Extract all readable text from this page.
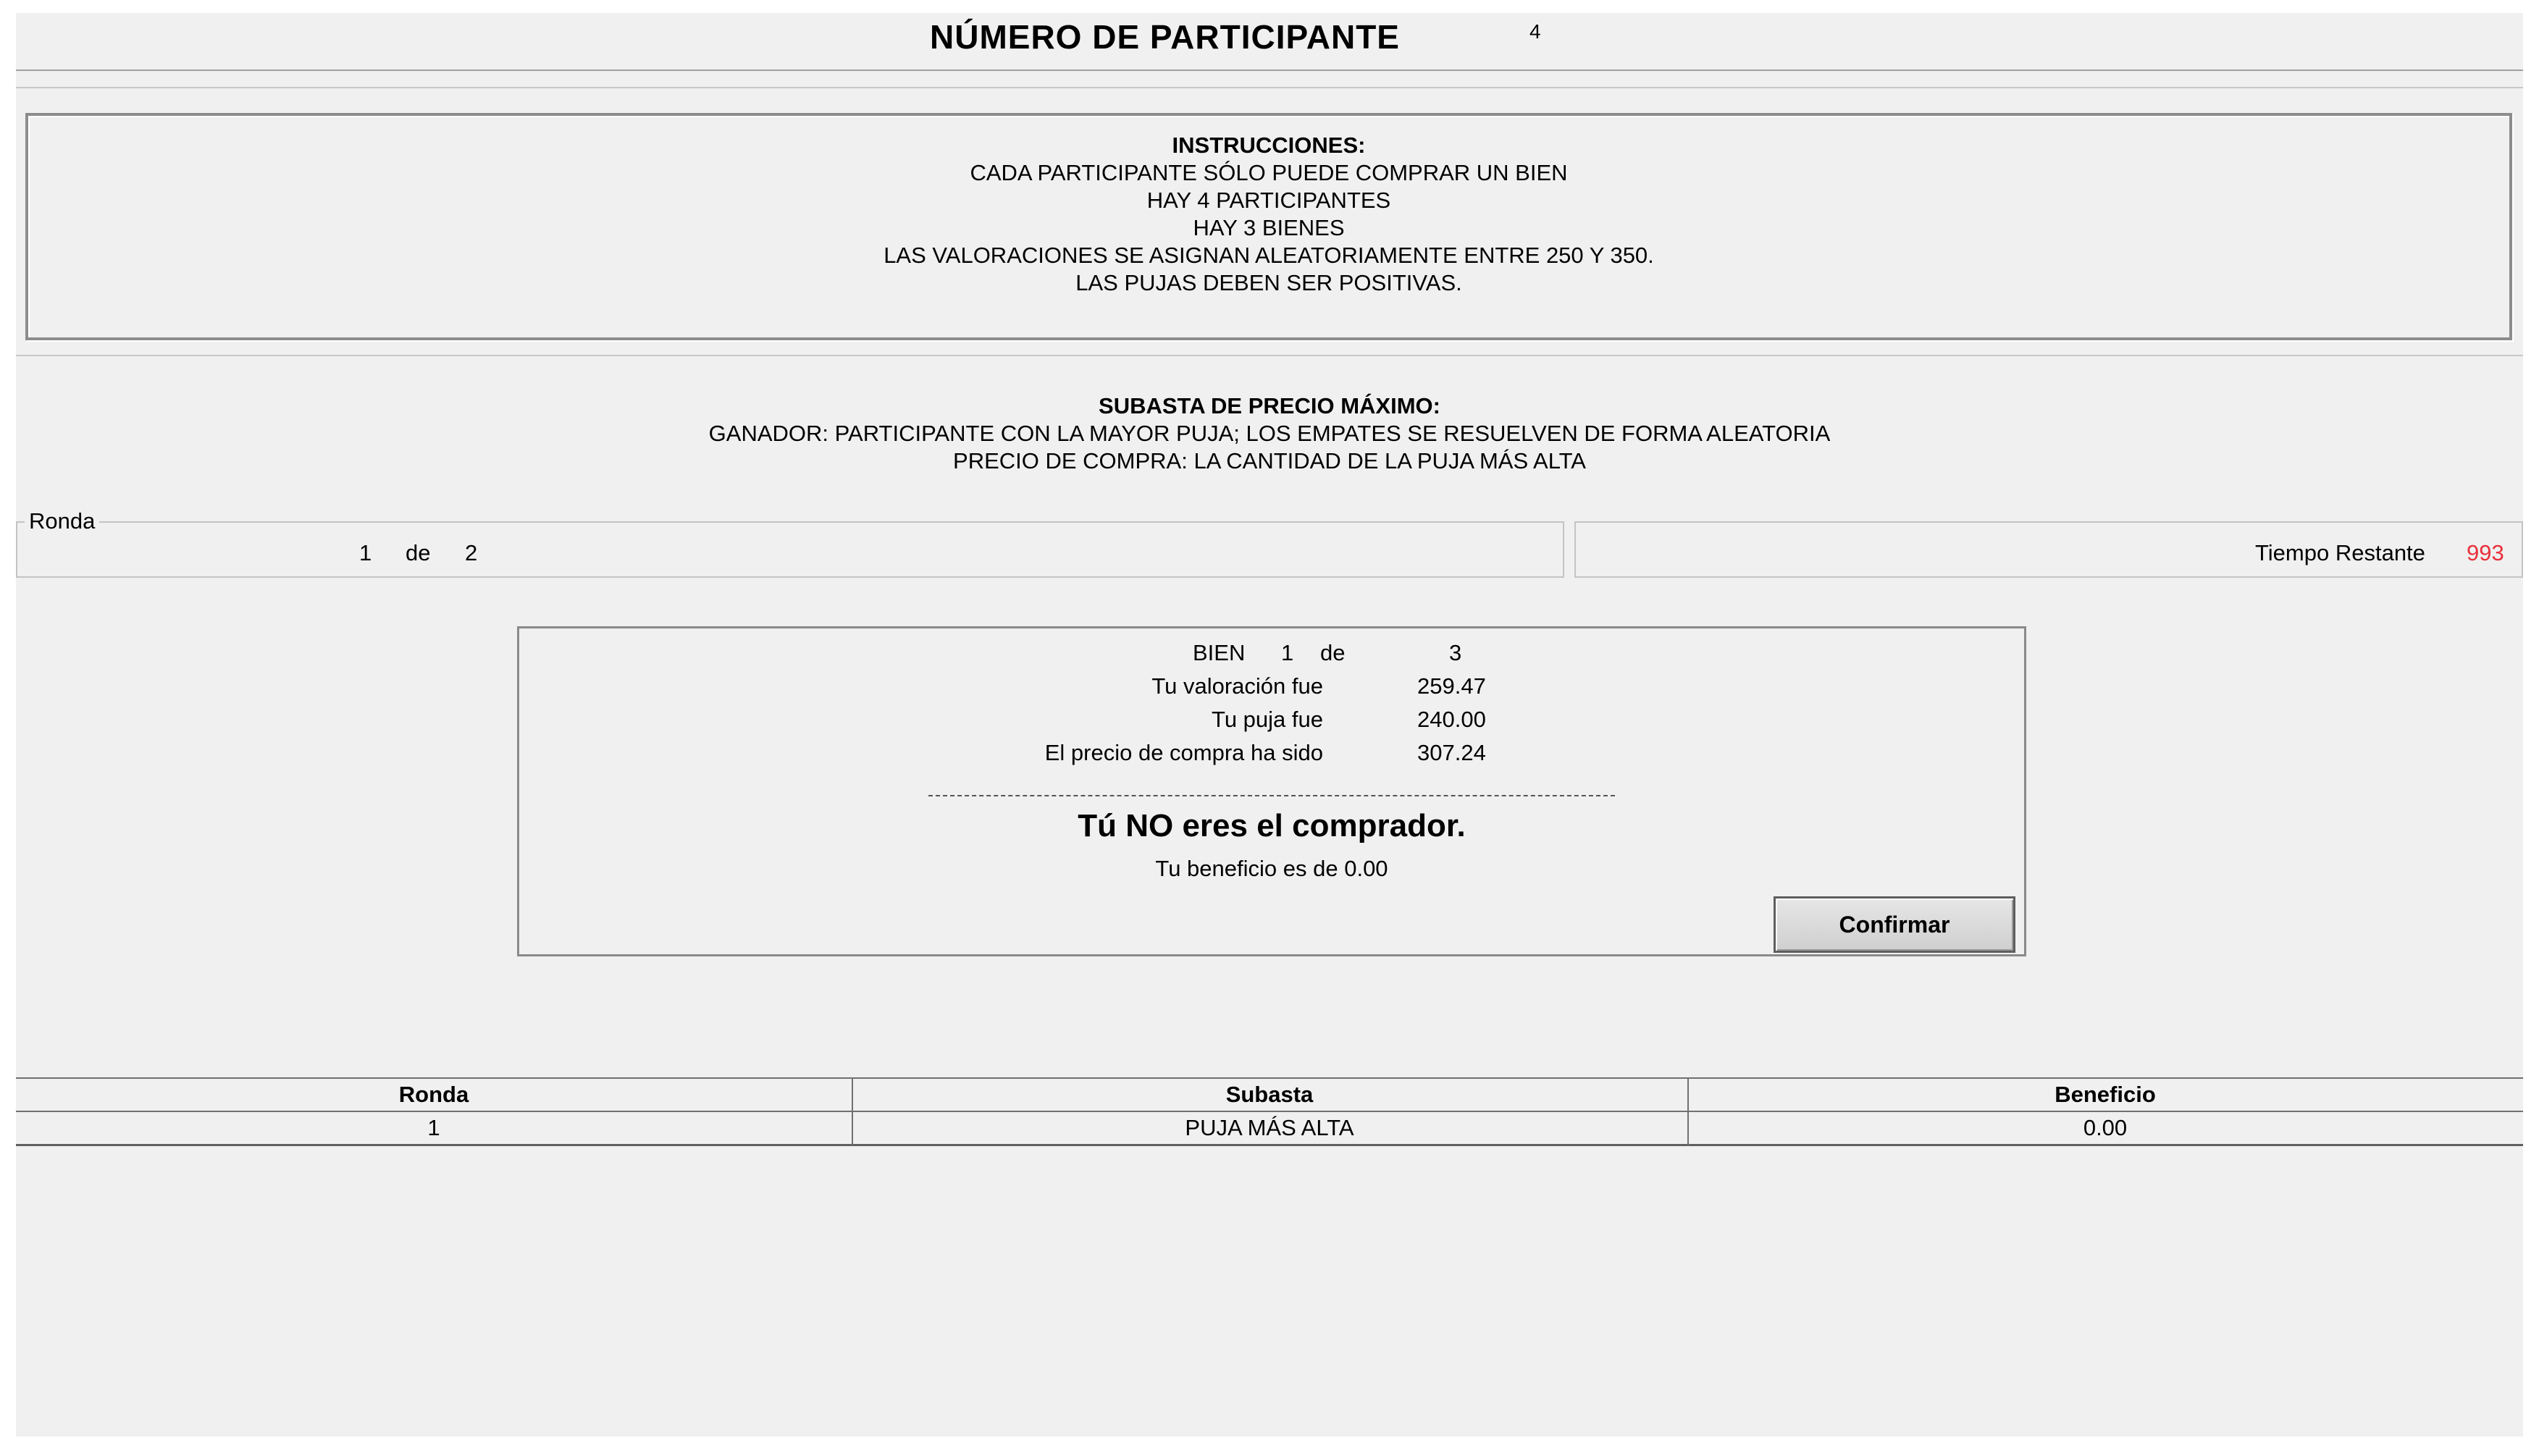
NÚMERO DE PARTICIPANTE	4
INSTRUCCIONES:
CADA PARTICIPANTE SÓLO PUEDE COMPRAR UN BIEN
HAY 4 PARTICIPANTES
HAY 3 BIENES
LAS VALORACIONES SE ASIGNAN ALEATORIAMENTE ENTRE 250 Y 350.
LAS PUJAS DEBEN SER POSITIVAS.
SUBASTA DE PRECIO MÁXIMO:
GANADOR: PARTICIPANTE CON LA MAYOR PUJA; LOS EMPATES SE RESUELVEN DE FORMA ALEATORIA
PRECIO DE COMPRA: LA CANTIDAD DE LA PUJA MÁS ALTA
Ronda
1 de 2	Tiempo Restante 993
BIEN 1 de	3
Tu valoración fue	259.47
Tu puja fue	240.00
El precio de compra ha sido	307.24
Tú NO eres el comprador.
Tu beneficio es de 0.00
Confirmar
Ronda	Subasta	Beneficio
1	PUJA MÁS ALTA	0.00
